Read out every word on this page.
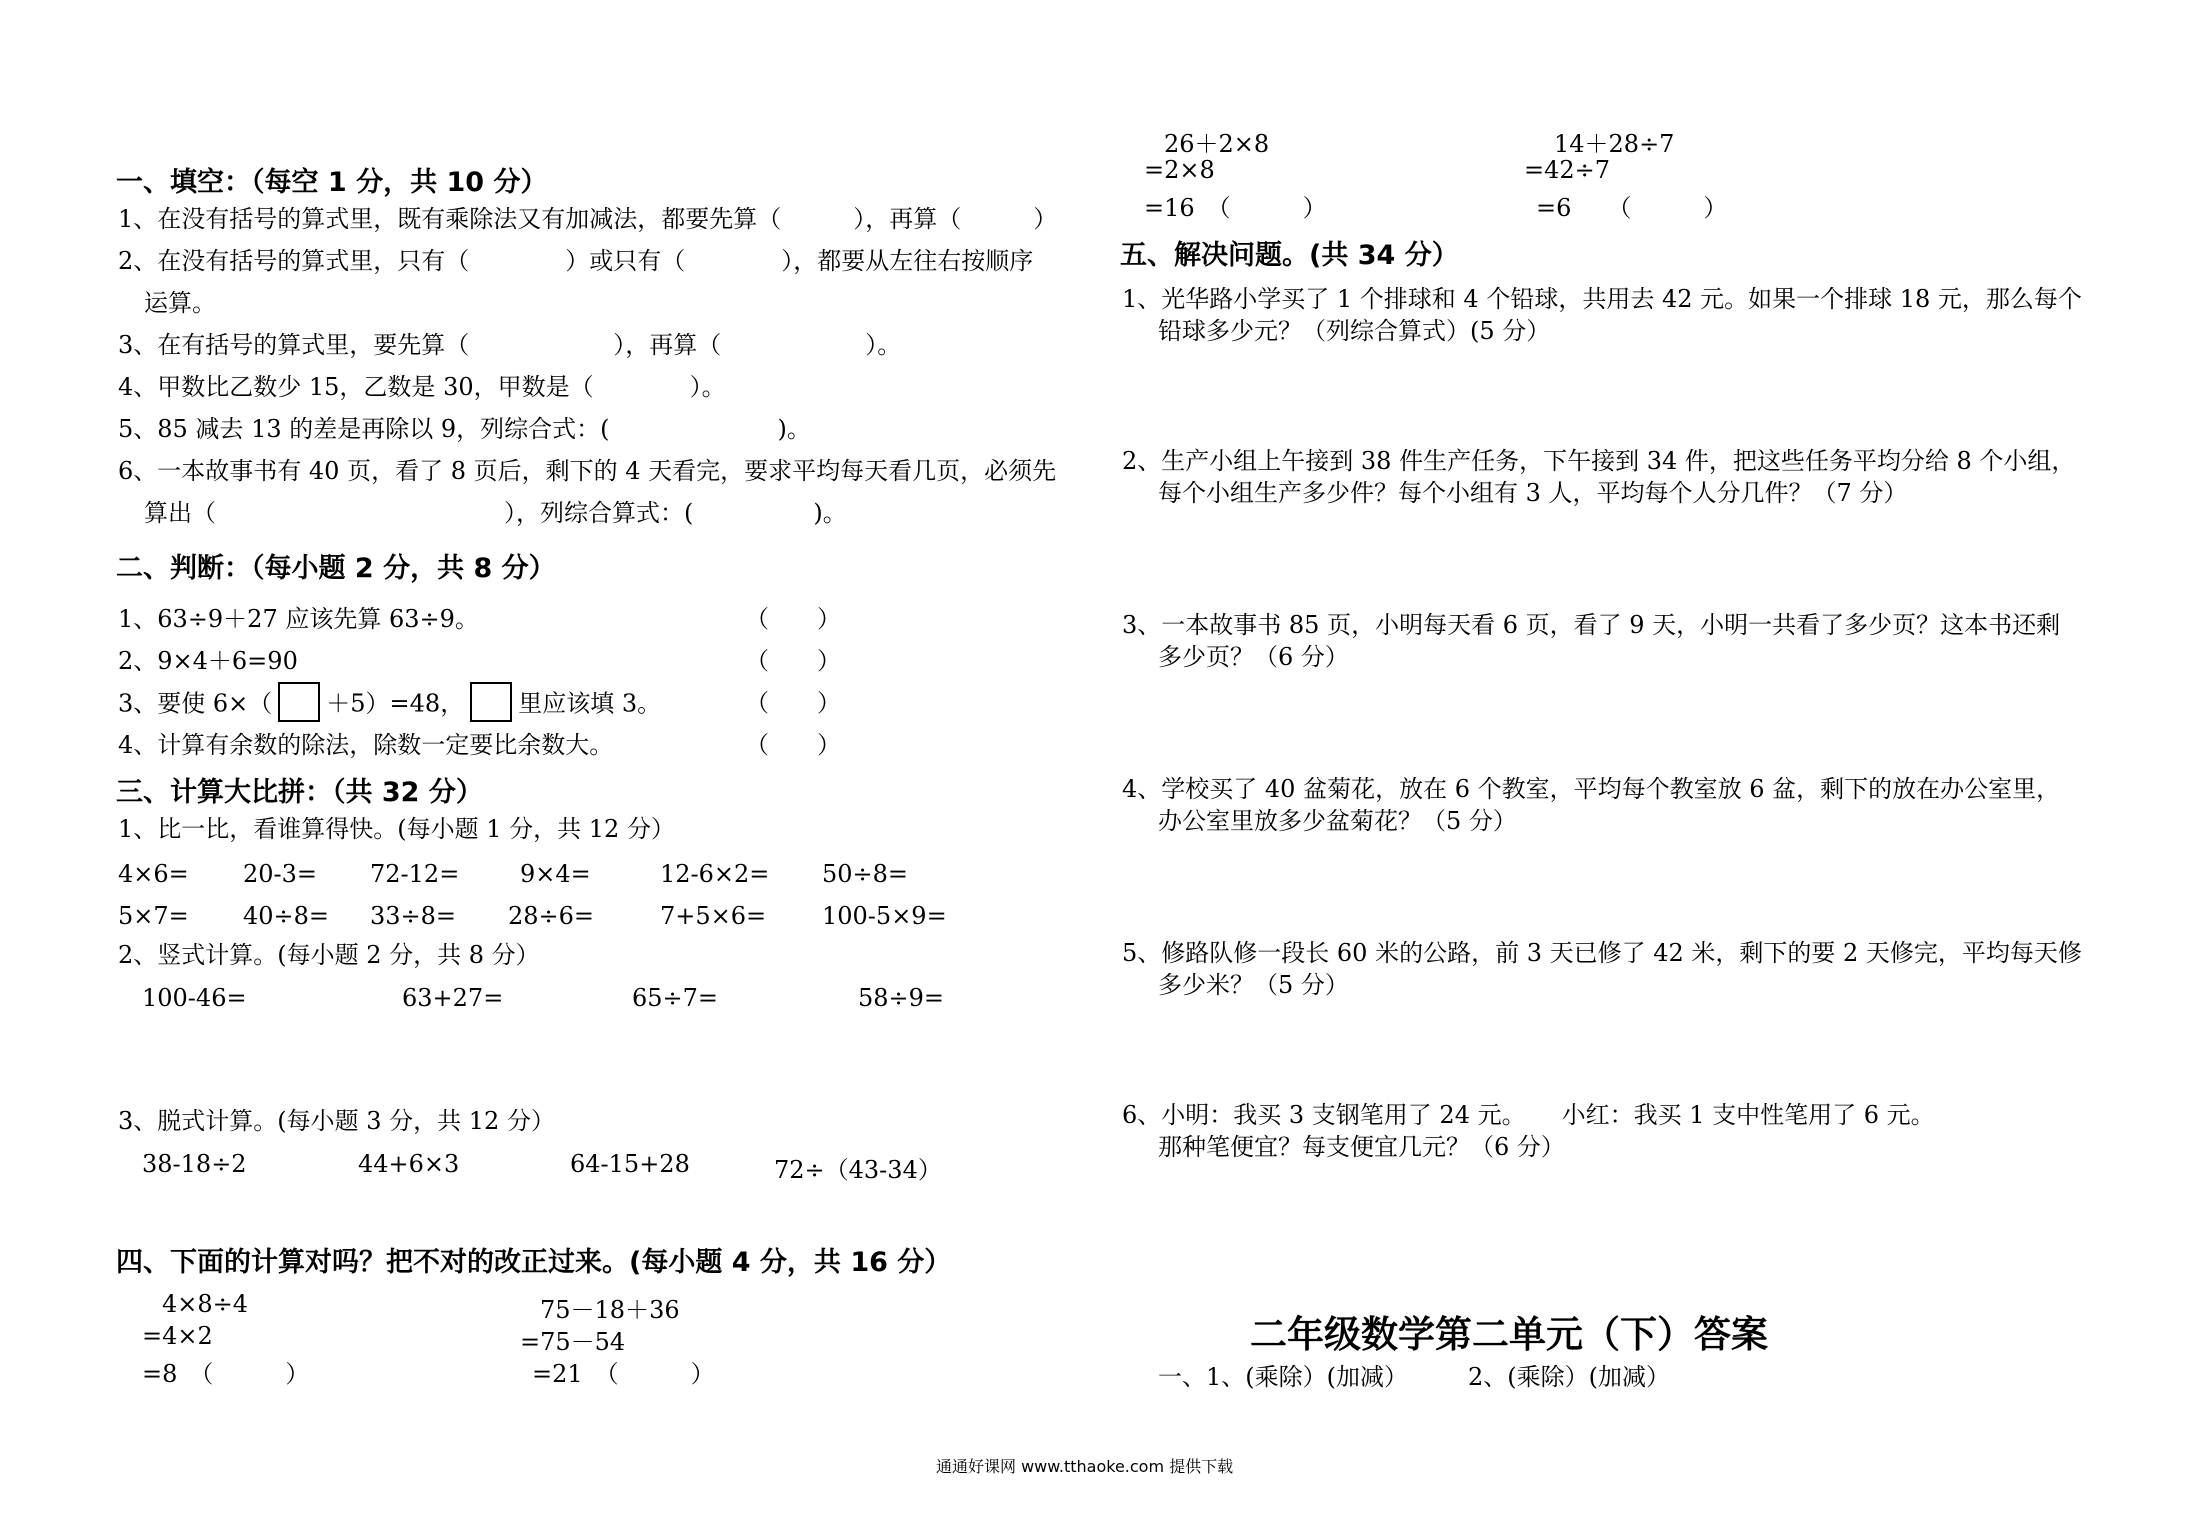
一、填空：（每空 1 分，共 10 分）
1、在没有括号的算式里，既有乘除法又有加减法，都要先算（　　　），再算（　　　）
2、在没有括号的算式里，只有（　　　　）或只有（　　　　），都要从左往右按顺序
运算。
3、在有括号的算式里，要先算（　　　　　　），再算（　　　　　　）。
4、甲数比乙数少 15，乙数是 30，甲数是（　　　　）。
5、85 减去 13 的差是再除以 9，列综合式：(　　　　　　　)。
6、一本故事书有 40 页，看了 8 页后，剩下的 4 天看完，要求平均每天看几页，必须先
算出（　　　　　　　　　　　　），列综合算式：(　　　　　)。
二、判断：（每小题 2 分，共 8 分）
1、63÷9＋27 应该先算 63÷9。	（　　）
2、9×4＋6=90	（　　）
3、要使 6×（ ＋5）=48， 里应该填 3。	（　　）
4、计算有余数的除法，除数一定要比余数大。	（　　）
三、计算大比拼：（共 32 分）
1、比一比，看谁算得快。(每小题 1 分，共 12 分）
4×6= 20-3= 72-12=	9×4=	12-6×2= 50÷8=
5×7= 40÷8= 33÷8= 28÷6=	7+5×6= 100-5×9=
2、竖式计算。(每小题 2 分，共 8 分）
100-46=	63+27=	65÷7=	58÷9=
3、脱式计算。(每小题 3 分，共 12 分）
38-18÷2	44+6×3	64-15+28	72÷（43-34）
四、下面的计算对吗？把不对的改正过来。(每小题 4 分，共 16 分）
4×8÷4
=4×2
=8　（　　　）
75－18＋36
=75－54
=21　（　　　）
26＋2×8
=2×8
=16　（　　　）
14＋28÷7
=42÷7
=6　　（　　　）
五、解决问题。(共 34 分）
1、光华路小学买了 1 个排球和 4 个铅球，共用去 42 元。如果一个排球 18 元，那么每个
铅球多少元？（列综合算式）(5 分）
2、生产小组上午接到 38 件生产任务，下午接到 34 件，把这些任务平均分给 8 个小组，
每个小组生产多少件？每个小组有 3 人，平均每个人分几件？（7 分）
3、一本故事书 85 页，小明每天看 6 页，看了 9 天，小明一共看了多少页？这本书还剩
多少页？（6 分）
4、学校买了 40 盆菊花，放在 6 个教室，平均每个教室放 6 盆，剩下的放在办公室里，
办公室里放多少盆菊花？（5 分）
5、修路队修一段长 60 米的公路，前 3 天已修了 42 米，剩下的要 2 天修完，平均每天修
多少米？（5 分）
6、小明：我买 3 支钢笔用了 24 元。　　小红：我买 1 支中性笔用了 6 元。
那种笔便宜？每支便宜几元？（6 分）
二年级数学第二单元（下）答案
一、1、(乘除）(加减）　　　2、(乘除）(加减）
通通好课网 www.tthaoke.com 提供下载
